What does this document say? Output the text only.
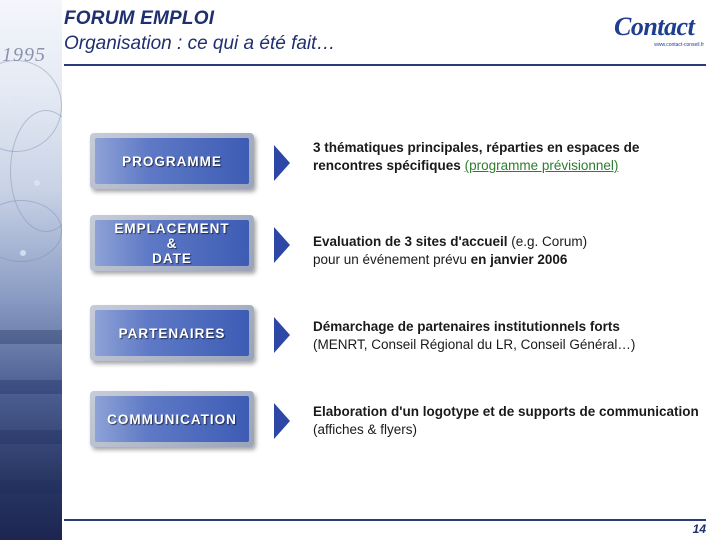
1995
FORUM EMPLOI
Organisation : ce qui a été fait…
Contact
www.contact-conseil.fr
PROGRAMME
3 thématiques principales, réparties en espaces de rencontres spécifiques (programme prévisionnel)
EMPLACEMENT
&
DATE
Evaluation de 3 sites d'accueil (e.g. Corum)
pour un événement prévu en janvier 2006
PARTENAIRES	Démarchage de partenaires institutionnels forts
(MENRT, Conseil Régional du LR, Conseil Général…)
COMMUNICATION	Elaboration d'un logotype et de supports de communication (affiches & flyers)
14
